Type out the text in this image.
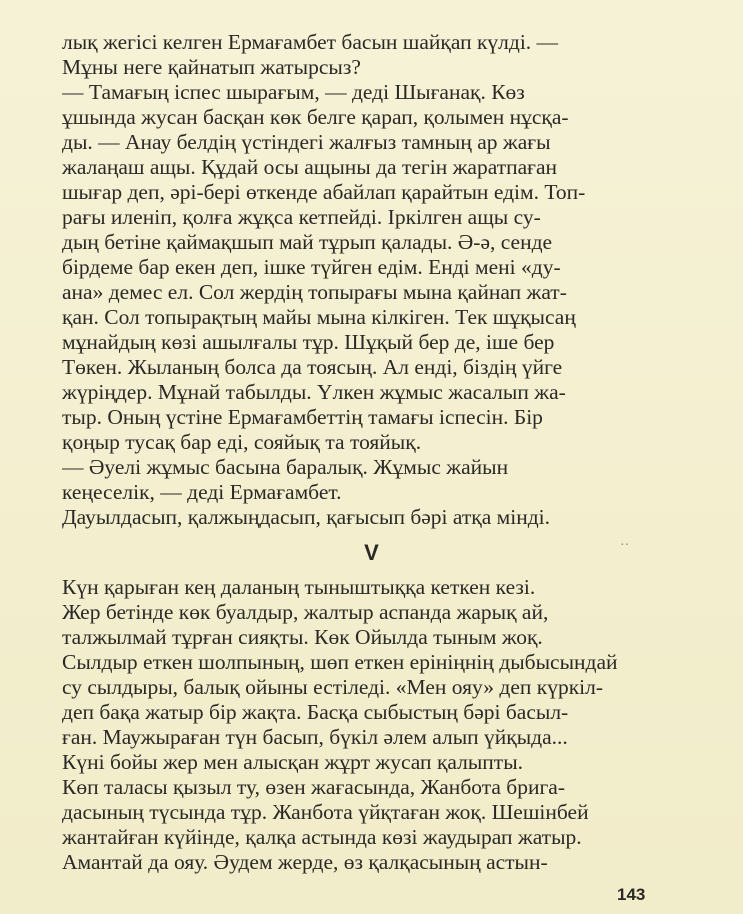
лық жегісі келген Ермағамбет басын шайқап күлді. —
Мұны неге қайнатып жатырсыз?
— Тамағың іспес шырағым, — деді Шығанақ. Көз
ұшында жусан басқан көк белге қарап, қолымен нұсқа-
ды. — Анау белдің үстіндегі жалғыз тамның ар жағы
жалаңаш ащы. Құдай осы ащыны да тегін жаратпаған
шығар деп, әрі-бері өткенде абайлап қарайтын едім. Топ-
рағы иленіп, қолға жұқса кетпейді. Іркілген ащы су-
дың бетіне қаймақшып май тұрып қалады. Ә-ә, сенде
бірдеме бар екен деп, ішке түйген едім. Енді мені «ду-
ана» демес ел. Сол жердің топырағы мына қайнап жат-
қан. Сол топырақтың майы мына кілкіген. Тек шұқысаң
мұнайдың көзі ашылғалы тұр. Шұқый бер де, іше бер
Төкен. Жыланың болса да тоясың. Ал енді, біздің үйге
жүріңдер. Мұнай табылды. Үлкен жұмыс жасалып жа-
тыр. Оның үстіне Ермағамбеттің тамағы іспесін. Бір
қоңыр тусақ бар еді, сояйық та тояйық.
— Әуелі жұмыс басына баралық. Жұмыс жайын
кеңеселік, — деді Ермағамбет.
Дауылдасып, қалжыңдасып, қағысып бәрі атқа мінді.
V	··
Күн қарыған кең даланың тыныштыққа кеткен кезі.
Жер бетінде көк буалдыр, жалтыр аспанда жарық ай,
талжылмай тұрған сияқты. Көк Ойылда тыным жоқ.
Сылдыр еткен шолпының, шөп еткен ерініңнің дыбысындай
су сылдыры, балық ойыны естіледі. «Мен ояу» деп күркіл-
деп бақа жатыр бір жақта. Басқа сыбыстың бәрі басыл-
ған. Маужыраған түн басып, бүкіл әлем алып үйқыда...
Күні бойы жер мен алысқан жұрт жусап қалыпты.
Көп таласы қызыл ту, өзен жағасында, Жанбота брига-
дасының түсында тұр. Жанбота үйқтаған жоқ. Шешінбей
жантайған күйінде, қалқа астында көзі жаудырап жатыр.
Амантай да ояу. Әудем жерде, өз қалқасының астын-
143
